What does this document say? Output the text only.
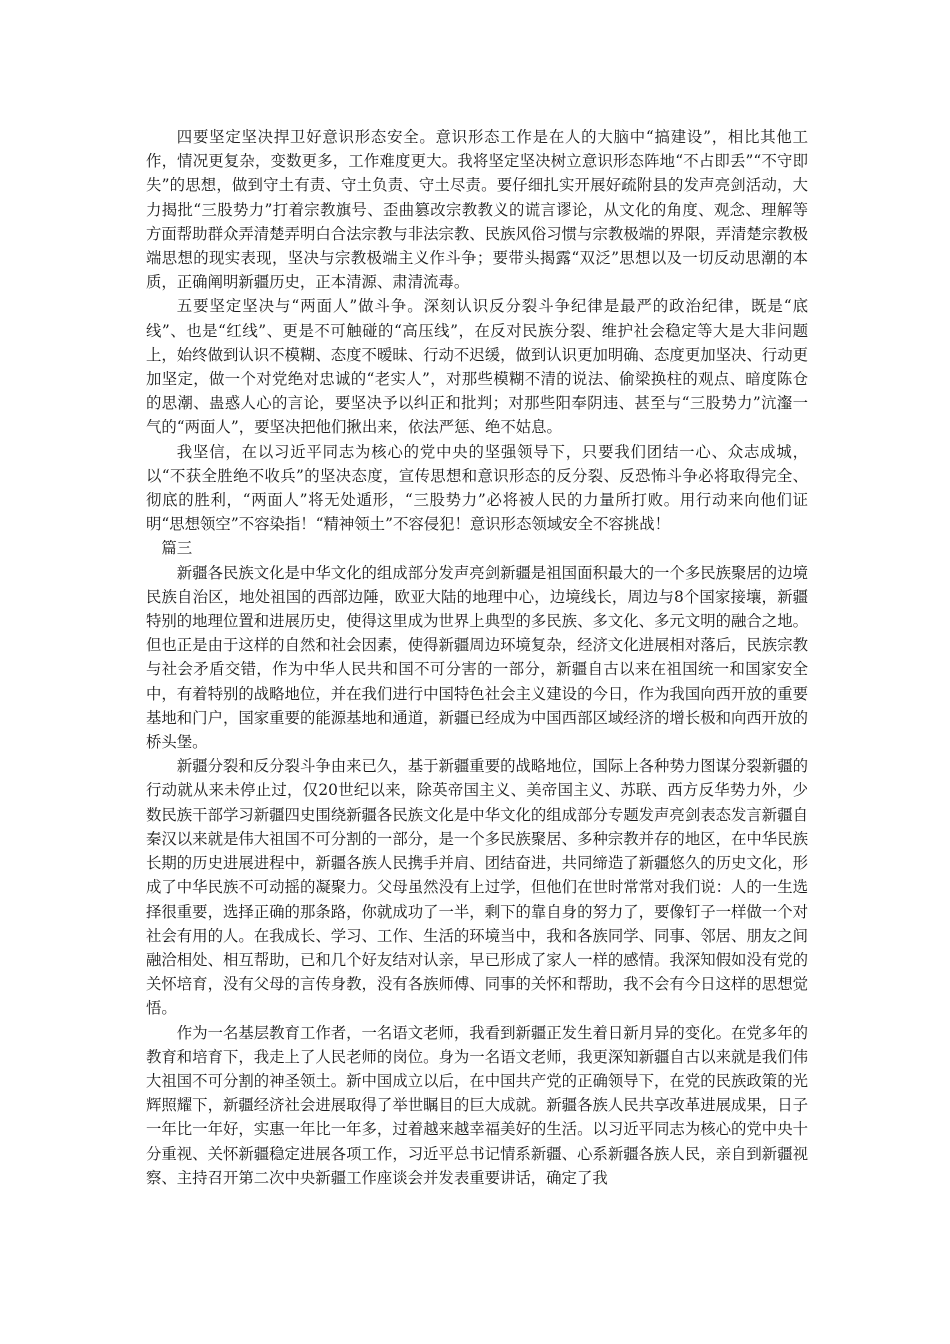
四要坚定坚决捍卫好意识形态安全。意识形态工作是在人的大脑中“搞建设”，相比其他工作，情况更复杂，变数更多，工作难度更大。我将坚定坚决树立意识形态阵地“不占即丢”“不守即失”的思想，做到守土有责、守土负责、守土尽责。要仔细扎实开展好疏附县的发声亮剑活动，大力揭批“三股势力”打着宗教旗号、歪曲篡改宗教教义的谎言谬论，从文化的角度、观念、理解等方面帮助群众弄清楚弄明白合法宗教与非法宗教、民族风俗习惯与宗教极端的界限，弄清楚宗教极端思想的现实表现，坚决与宗教极端主义作斗争；要带头揭露“双泛”思想以及一切反动思潮的本质，正确阐明新疆历史，正本清源、肃清流毒。

五要坚定坚决与“两面人”做斗争。深刻认识反分裂斗争纪律是最严的政治纪律，既是“底线”、也是“红线”、更是不可触碰的“高压线”，在反对民族分裂、维护社会稳定等大是大非问题上，始终做到认识不模糊、态度不暧昧、行动不迟缓，做到认识更加明确、态度更加坚决、行动更加坚定，做一个对党绝对忠诚的“老实人”，对那些模糊不清的说法、偷梁换柱的观点、暗度陈仓的思潮、蛊惑人心的言论，要坚决予以纠正和批判；对那些阳奉阴违、甚至与“三股势力”沆瀣一气的“两面人”，要坚决把他们揪出来，依法严惩、绝不姑息。

我坚信，在以习近平同志为核心的党中央的坚强领导下，只要我们团结一心、众志成城，以“不获全胜绝不收兵”的坚决态度，宣传思想和意识形态的反分裂、反恐怖斗争必将取得完全、彻底的胜利，“两面人”将无处遁形，“三股势力”必将被人民的力量所打败。用行动来向他们证明“思想领空”不容染指！“精神领土”不容侵犯！意识形态领域安全不容挑战！

篇三

新疆各民族文化是中华文化的组成部分发声亮剑新疆是祖国面积最大的一个多民族聚居的边境民族自治区，地处祖国的西部边陲，欧亚大陆的地理中心，边境线长，周边与8个国家接壤，新疆特别的地理位置和进展历史，使得这里成为世界上典型的多民族、多文化、多元文明的融合之地。但也正是由于这样的自然和社会因素，使得新疆周边环境复杂，经济文化进展相对落后，民族宗教与社会矛盾交错，作为中华人民共和国不可分害的一部分，新疆自古以来在祖国统一和国家安全中，有着特别的战略地位，并在我们进行中国特色社会主义建设的今日，作为我国向西开放的重要基地和门户，国家重要的能源基地和通道，新疆已经成为中国西部区域经济的增长极和向西开放的桥头堡。

新疆分裂和反分裂斗争由来已久，基于新疆重要的战略地位，国际上各种势力图谋分裂新疆的行动就从来未停止过，仅20世纪以来，除英帝国主义、美帝国主义、苏联、西方反华势力外，少数民族干部学习新疆四史围绕新疆各民族文化是中华文化的组成部分专题发声亮剑表态发言新疆自秦汉以来就是伟大祖国不可分割的一部分，是一个多民族聚居、多种宗教并存的地区，在中华民族长期的历史进展进程中，新疆各族人民携手并肩、团结奋进，共同缔造了新疆悠久的历史文化，形成了中华民族不可动摇的凝聚力。父母虽然没有上过学，但他们在世时常常对我们说：人的一生选择很重要，选择正确的那条路，你就成功了一半，剩下的靠自身的努力了，要像钉子一样做一个对社会有用的人。在我成长、学习、工作、生活的环境当中，我和各族同学、同事、邻居、朋友之间融洽相处、相互帮助，已和几个好友结对认亲，早已形成了家人一样的感情。我深知假如没有党的关怀培育，没有父母的言传身教，没有各族师傅、同事的关怀和帮助，我不会有今日这样的思想觉悟。

作为一名基层教育工作者，一名语文老师，我看到新疆正发生着日新月异的变化。在党多年的教育和培育下，我走上了人民老师的岗位。身为一名语文老师，我更深知新疆自古以来就是我们伟大祖国不可分割的神圣领土。新中国成立以后，在中国共产党的正确领导下，在党的民族政策的光辉照耀下，新疆经济社会进展取得了举世瞩目的巨大成就。新疆各族人民共享改革进展成果，日子一年比一年好，实惠一年比一年多，过着越来越幸福美好的生活。以习近平同志为核心的党中央十分重视、关怀新疆稳定进展各项工作，习近平总书记情系新疆、心系新疆各族人民，亲自到新疆视察、主持召开第二次中央新疆工作座谈会并发表重要讲话，确定了我
